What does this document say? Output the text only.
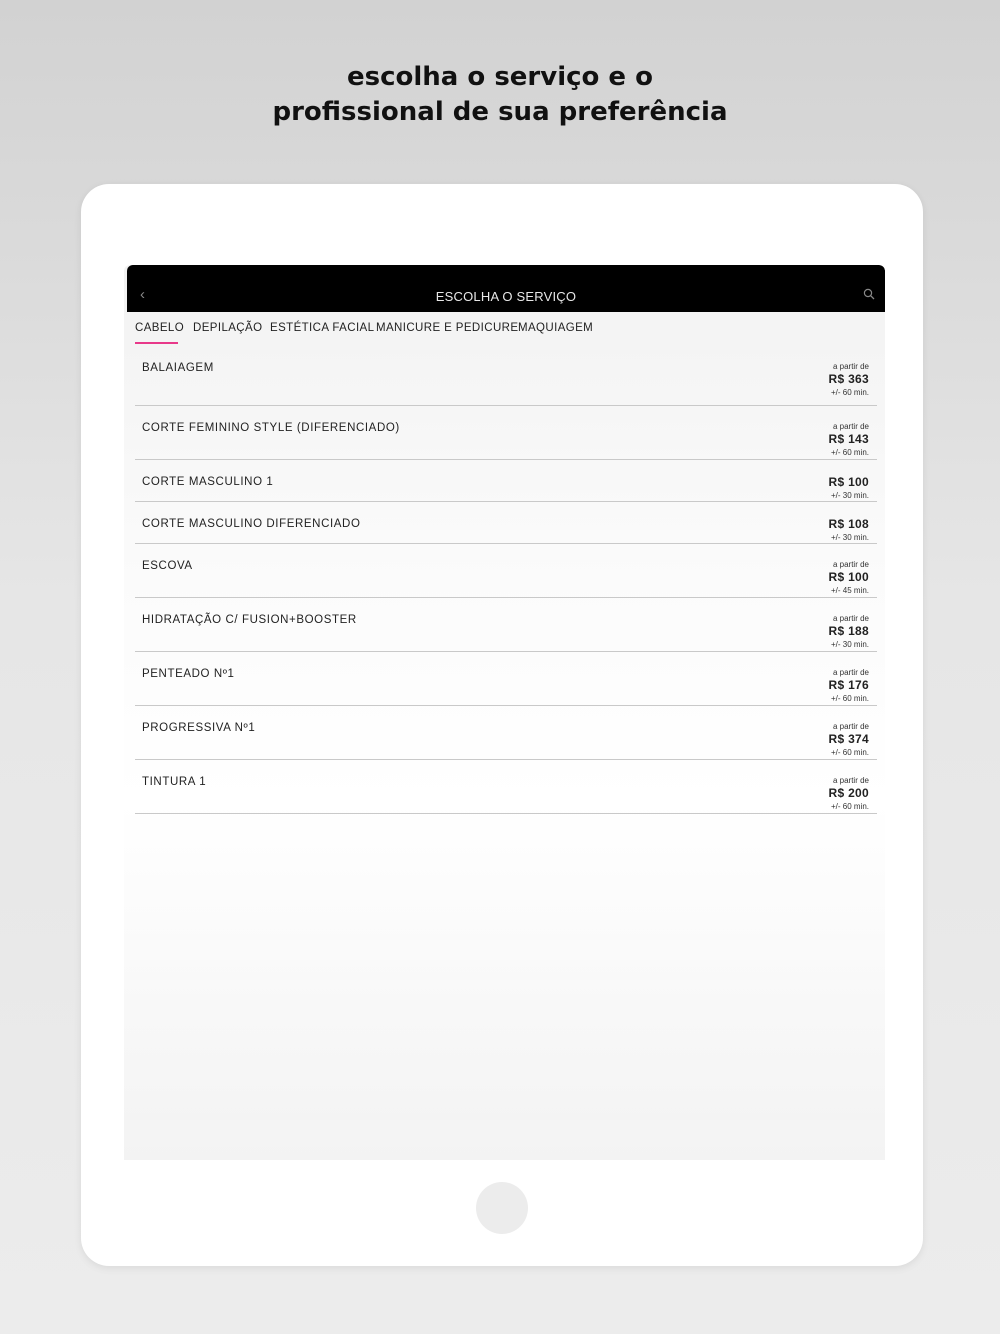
escolha o serviço e o
profissional de sua preferência
‹	ESCOLHA O SERVIÇO
CABELO DEPILAÇÃO ESTÉTICA FACIAL MANICURE E PEDICURE MAQUIAGEM
BALAIAGEM	a partir de
R$ 363
+/- 60 min.
CORTE FEMININO STYLE (DIFERENCIADO)	a partir de
R$ 143
+/- 60 min.
CORTE MASCULINO 1	R$ 100
+/- 30 min.
CORTE MASCULINO DIFERENCIADO	R$ 108
+/- 30 min.
ESCOVA	a partir de
R$ 100
+/- 45 min.
HIDRATAÇÃO C/ FUSION+BOOSTER	a partir de
R$ 188
+/- 30 min.
PENTEADO Nº1	a partir de
R$ 176
+/- 60 min.
PROGRESSIVA Nº1	a partir de
R$ 374
+/- 60 min.
TINTURA 1	a partir de
R$ 200
+/- 60 min.
